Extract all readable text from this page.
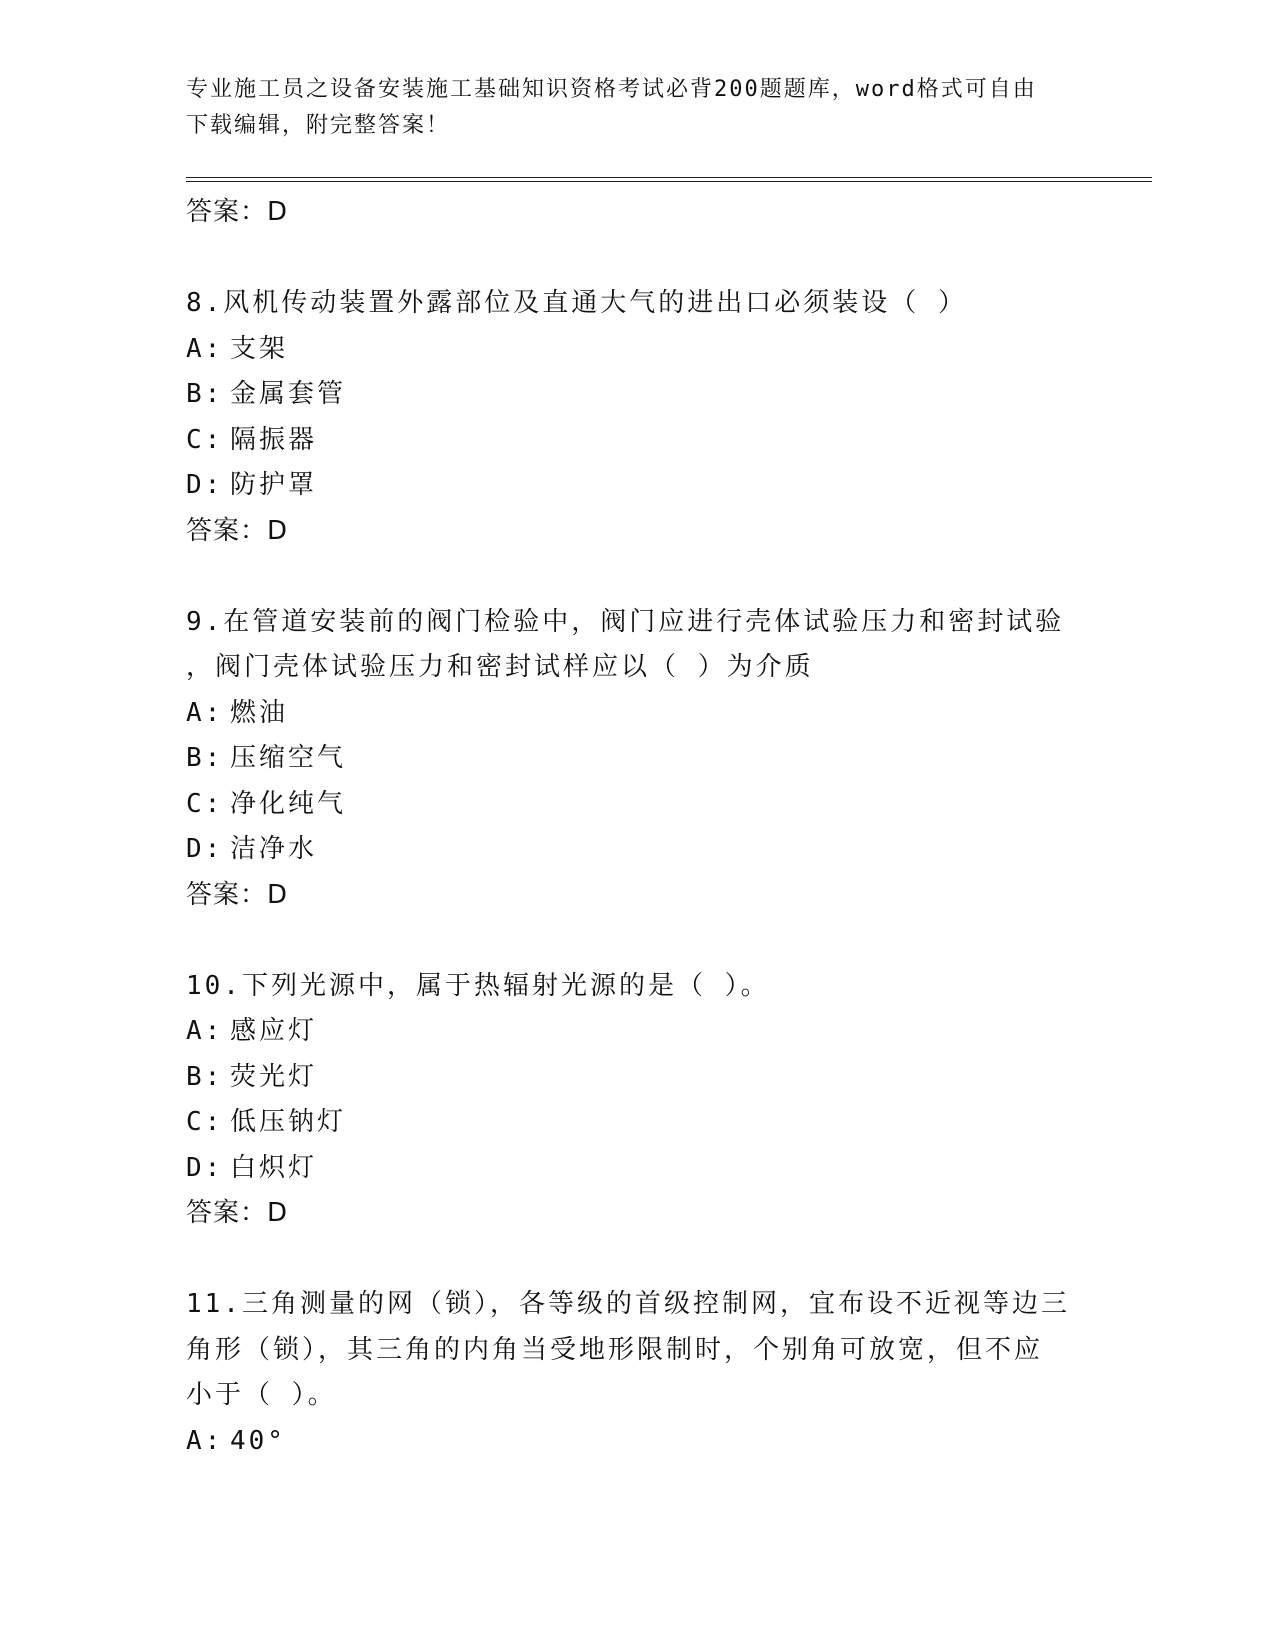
专业施工员之设备安装施工基础知识资格考试必背200题题库，word格式可自由
下载编辑，附完整答案！
答案：D
8.风机传动装置外露部位及直通大气的进出口必须装设（ ）
A: 支架
B: 金属套管
C: 隔振器
D: 防护罩
答案：D
9.在管道安装前的阀门检验中，阀门应进行壳体试验压力和密封试验
，阀门壳体试验压力和密封试样应以（ ）为介质
A: 燃油
B: 压缩空气
C: 净化纯气
D: 洁净水
答案：D
10.下列光源中，属于热辐射光源的是（ ）。
A: 感应灯
B: 荧光灯
C: 低压钠灯
D: 白炽灯
答案：D
11.三角测量的网（锁），各等级的首级控制网，宜布设不近视等边三
角形（锁），其三角的内角当受地形限制时，个别角可放宽，但不应
小于（ ）。
A: 40°
